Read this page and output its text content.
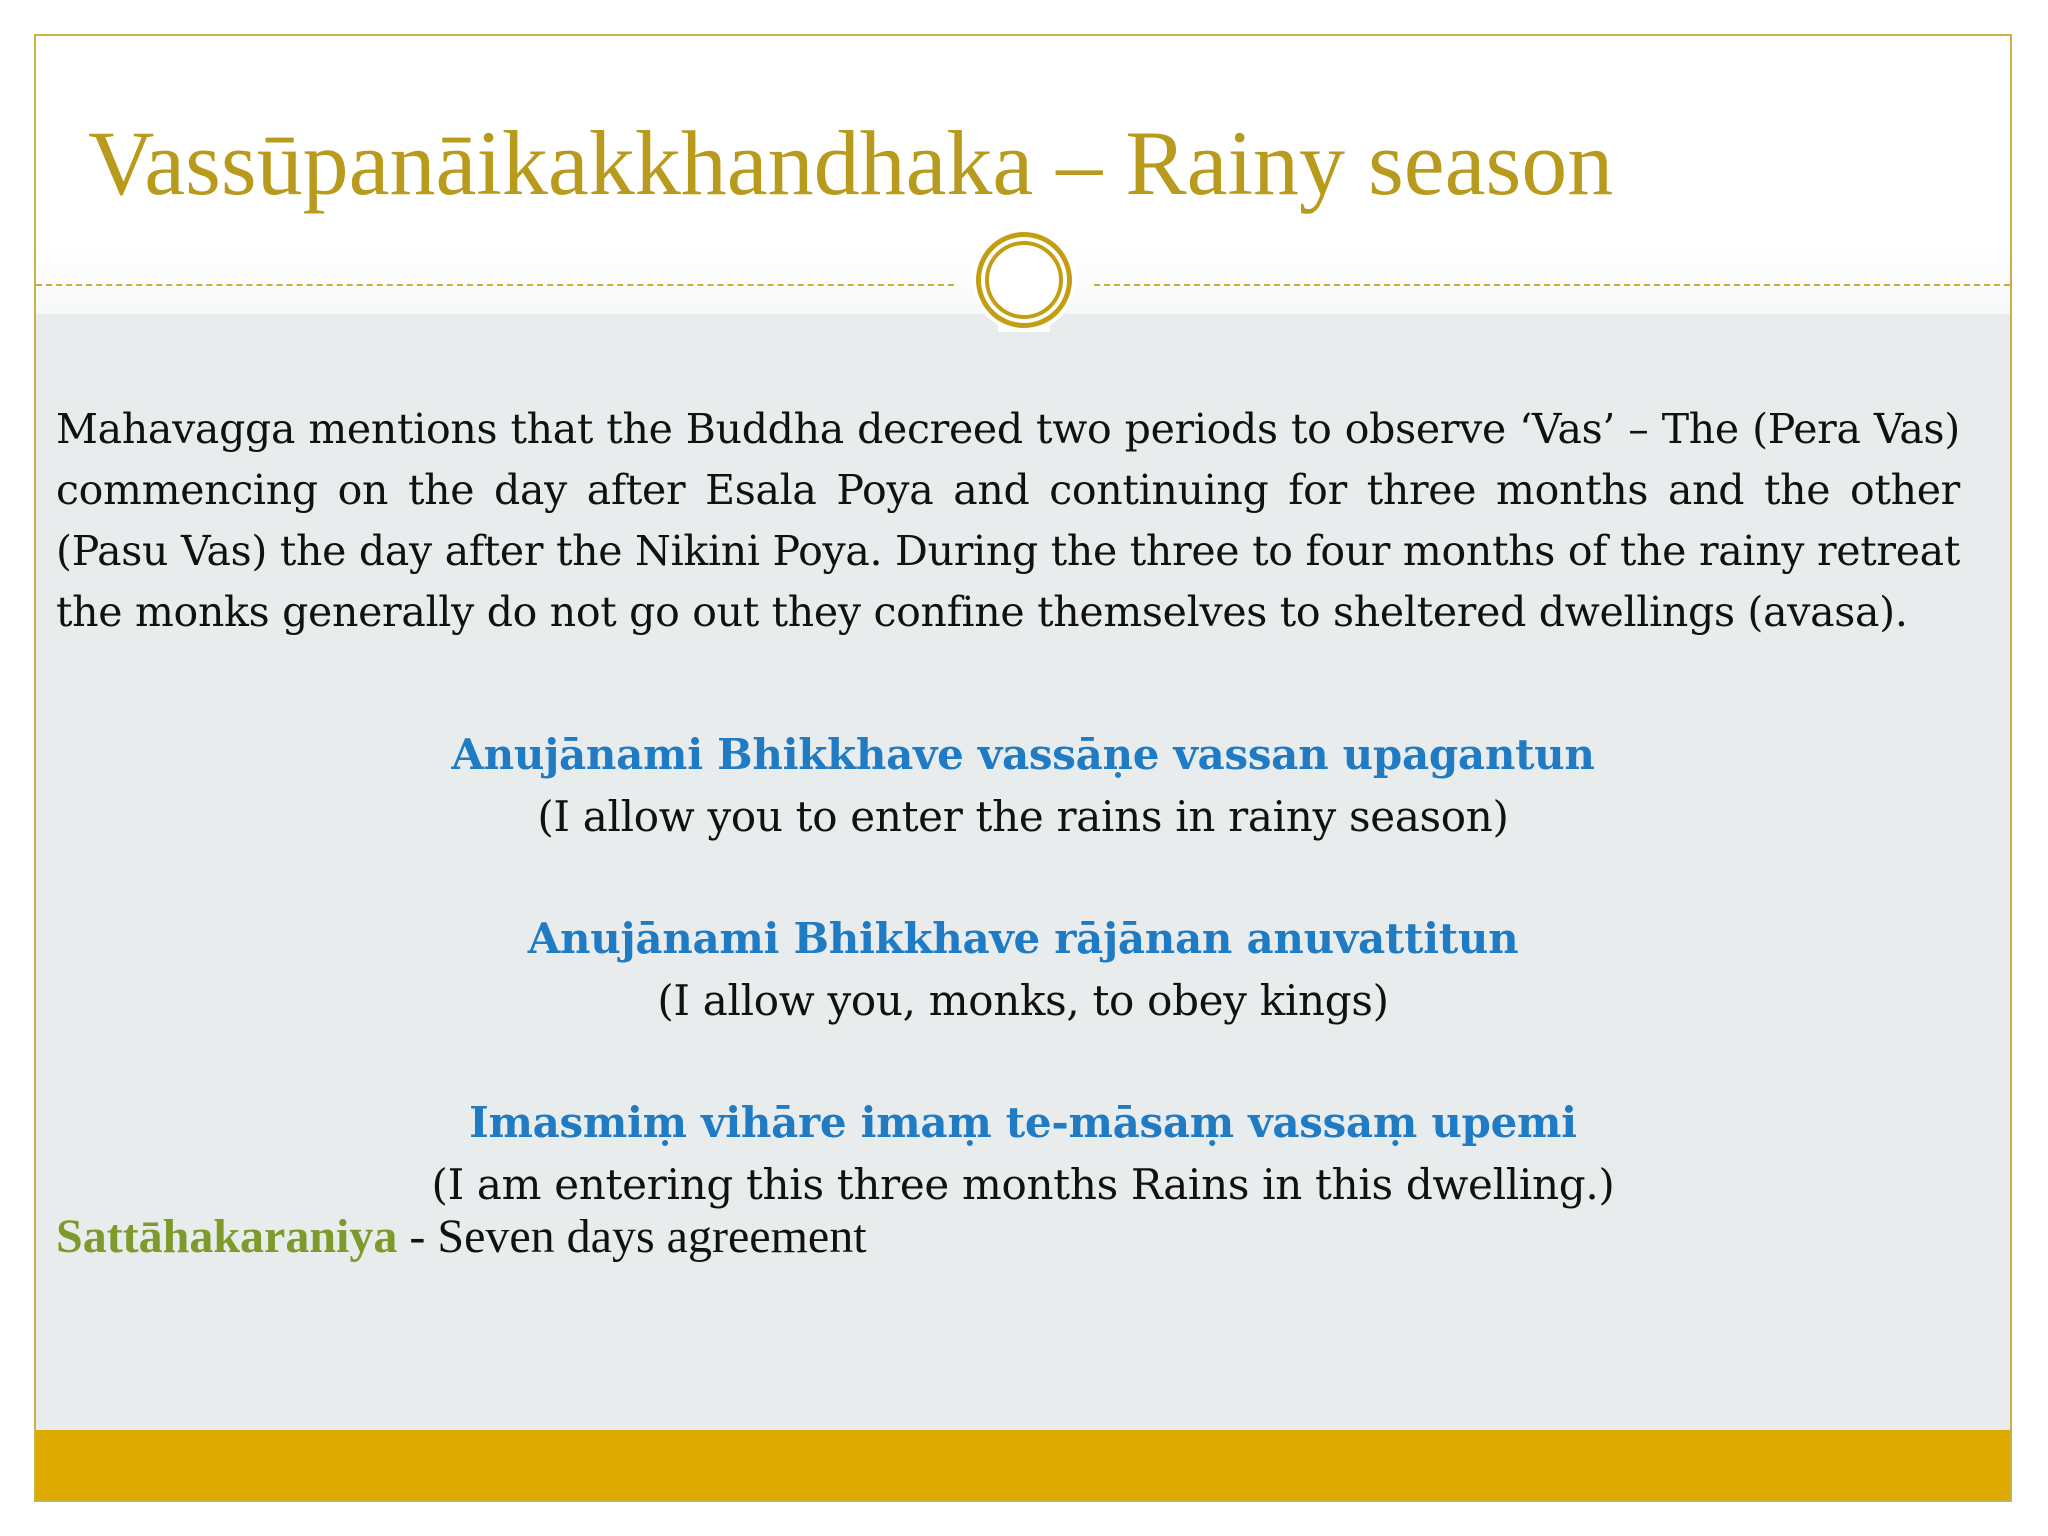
Vassūpanāikakkhandhaka – Rainy season

Mahavagga mentions that the Buddha decreed two periods to observe ‘Vas’ – The (Pera Vas) commencing on the day after Esala Poya and continuing for three months and the other (Pasu Vas) the day after the Nikini Poya. During the three to four months of the rainy retreat the monks generally do not go out they confine themselves to sheltered dwellings (avasa).

Anujānami Bhikkhave vassāṇe vassan upagantun
(I allow you to enter the rains in rainy season)
Anujānami Bhikkhave rājānan anuvattitun
(I allow you, monks, to obey kings)
Imasmiṃ vihāre imaṃ te-māsaṃ vassaṃ upemi
(I am entering this three months Rains in this dwelling.)

Sattāhakaraniya - Seven days agreement
